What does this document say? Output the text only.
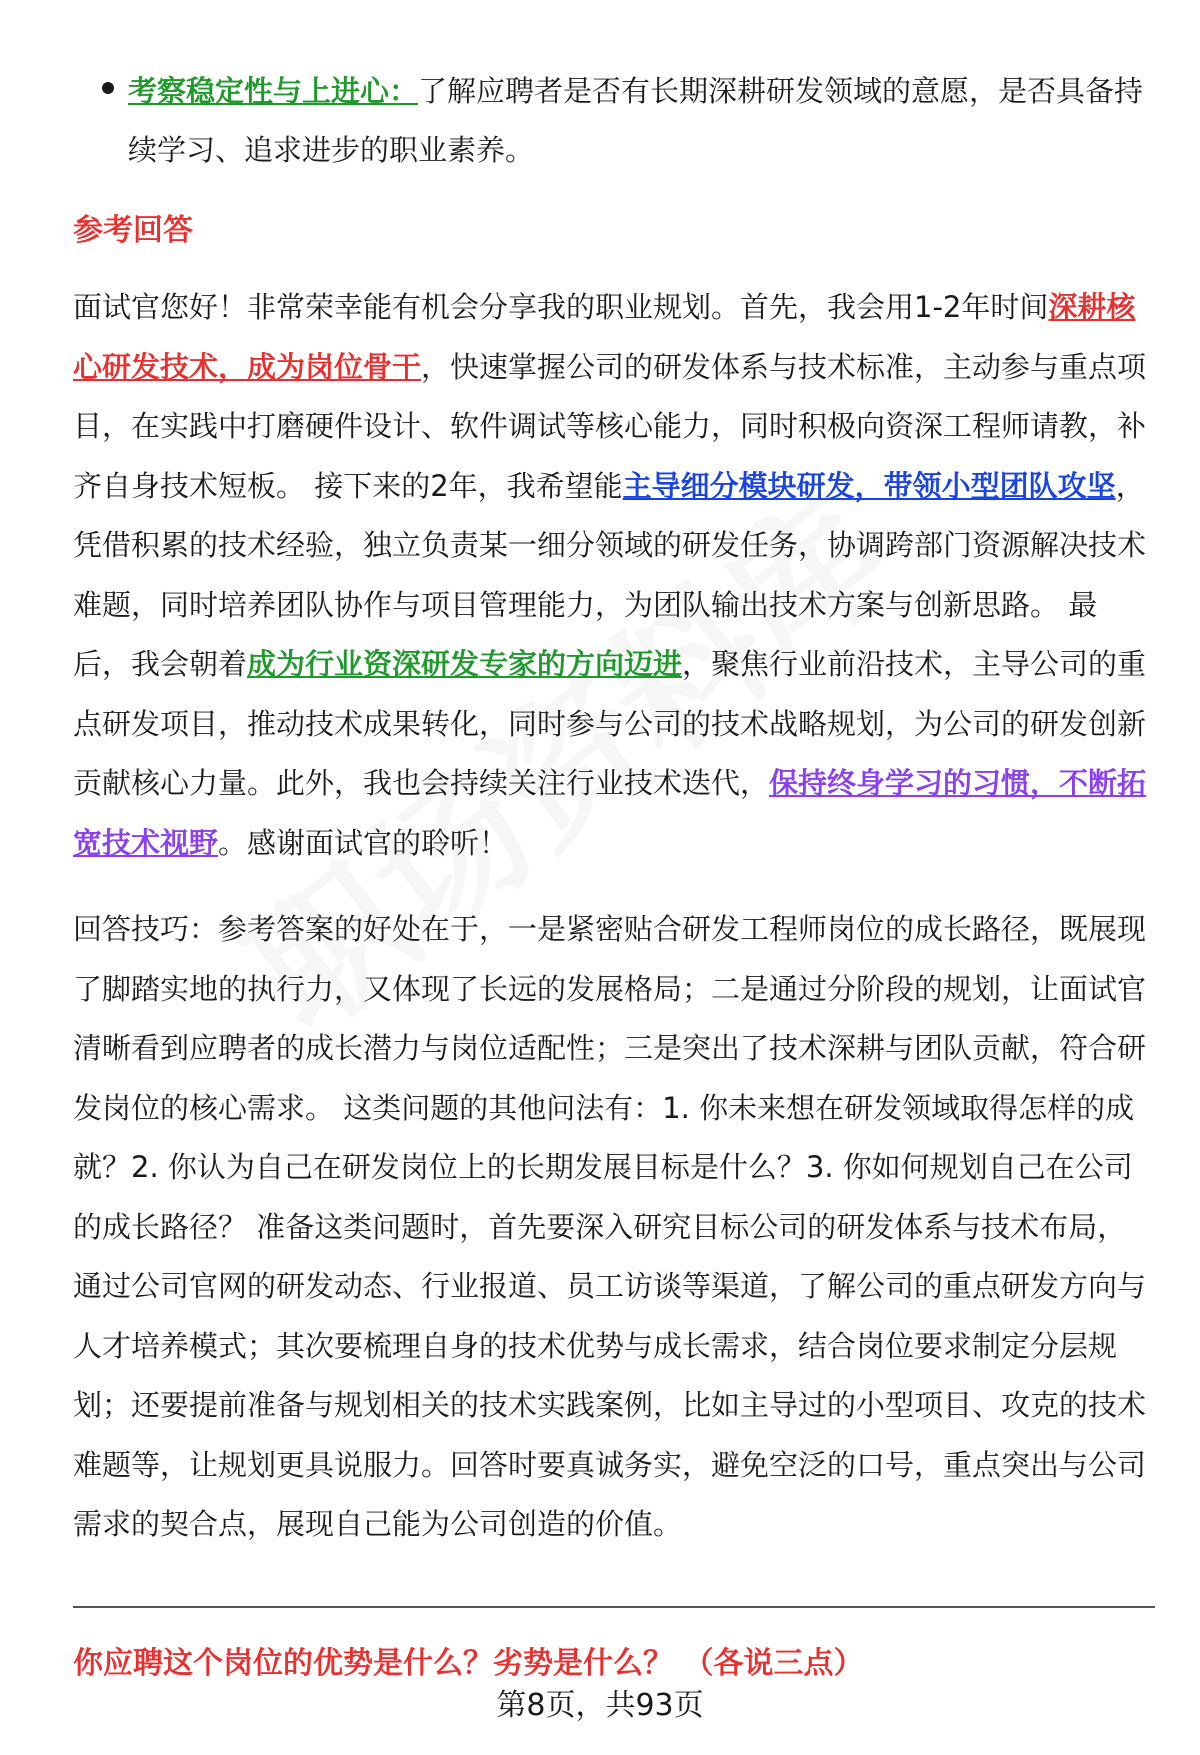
考察稳定性与上进心：了解应聘者是否有长期深耕研发领域的意愿，是否具备持续学习、追求进步的职业素养。
参考回答
面试官您好！非常荣幸能有机会分享我的职业规划。首先，我会用1-2年时间深耕核心研发技术，成为岗位骨干，快速掌握公司的研发体系与技术标准，主动参与重点项目，在实践中打磨硬件设计、软件调试等核心能力，同时积极向资深工程师请教，补齐自身技术短板。 接下来的2年，我希望能主导细分模块研发，带领小型团队攻坚，凭借积累的技术经验，独立负责某一细分领域的研发任务，协调跨部门资源解决技术难题，同时培养团队协作与项目管理能力，为团队输出技术方案与创新思路。 最后，我会朝着成为行业资深研发专家的方向迈进，聚焦行业前沿技术，主导公司的重点研发项目，推动技术成果转化，同时参与公司的技术战略规划，为公司的研发创新贡献核心力量。此外，我也会持续关注行业技术迭代，保持终身学习的习惯，不断拓宽技术视野。感谢面试官的聆听！
回答技巧：参考答案的好处在于，一是紧密贴合研发工程师岗位的成长路径，既展现了脚踏实地的执行力，又体现了长远的发展格局；二是通过分阶段的规划，让面试官清晰看到应聘者的成长潜力与岗位适配性；三是突出了技术深耕与团队贡献，符合研发岗位的核心需求。 这类问题的其他问法有：1. 你未来想在研发领域取得怎样的成就？2. 你认为自己在研发岗位上的长期发展目标是什么？3. 你如何规划自己在公司的成长路径？ 准备这类问题时，首先要深入研究目标公司的研发体系与技术布局，通过公司官网的研发动态、行业报道、员工访谈等渠道，了解公司的重点研发方向与人才培养模式；其次要梳理自身的技术优势与成长需求，结合岗位要求制定分层规划；还要提前准备与规划相关的技术实践案例，比如主导过的小型项目、攻克的技术难题等，让规划更具说服力。回答时要真诚务实，避免空泛的口号，重点突出与公司需求的契合点，展现自己能为公司创造的价值。
你应聘这个岗位的优势是什么？劣势是什么？ （各说三点）
第8页，共93页
